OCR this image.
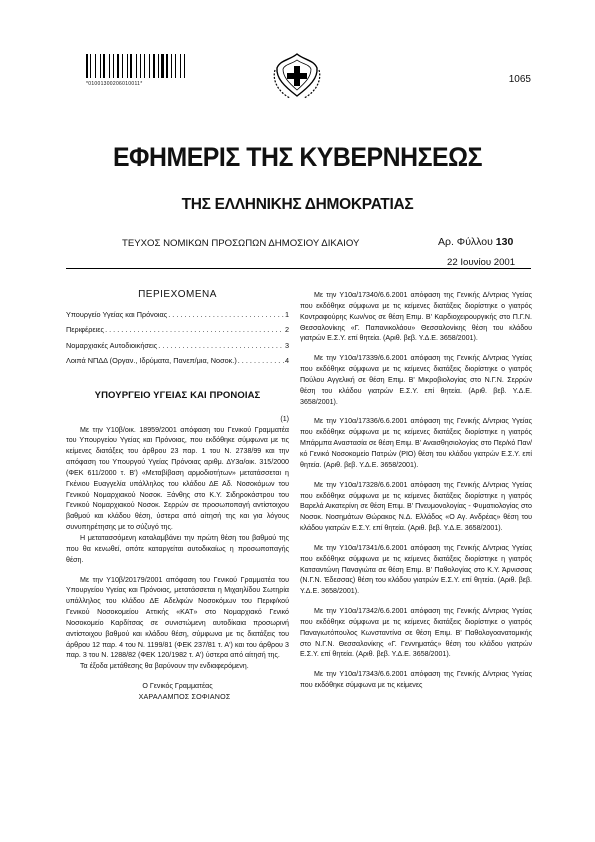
*01001300206010011*	1065
ΕΦΗΜΕΡΙΣ ΤΗΣ ΚΥΒΕΡΝΗΣΕΩΣ
ΤΗΣ ΕΛΛΗΝΙΚΗΣ ΔΗΜΟΚΡΑΤΙΑΣ
ΤΕΥΧΟΣ ΝΟΜΙΚΩΝ ΠΡΟΣΩΠΩΝ ΔΗΜΟΣΙΟΥ ΔΙΚΑΙΟΥ	Αρ. Φύλλου 130
22 Ιουνίου 2001
ΠΕΡΙΕΧΟΜΕΝΑ
Υπουργείο Υγείας και Πρόνοιας . . .	1
Περιφέρειες . . .	2
Νομαρχιακές Αυτοδιοικήσεις . . .	3
Λοιπά ΝΠΔΔ (Οργαν., Ιδρύματα, Πανεπ/μια, Νοσοκ.) . . .	4
ΥΠΟΥΡΓΕΙΟ ΥΓΕΙΑΣ ΚΑΙ ΠΡΟΝΟΙΑΣ

(1)

Με την Υ10β/οικ. 18959/2001 απόφαση του Γενικού Γραμματέα του Υπουργείου Υγείας και Πρόνοιας, που εκδόθηκε σύμφωνα με τις κείμενες διατάξεις του άρθρου 23 παρ. 1 του Ν. 2738/99 και την απόφαση του Υπουργού Υγείας Πρόνοιας αριθμ. ΔΥ3α/οικ. 315/2000 (ΦΕΚ 611/2000 τ. Β') «Μεταβίβαση αρμοδιοτήτων» μετατάσσεται η Γκένιου Ευαγγελία υπάλληλος του κλάδου ΔΕ Αδ. Νοσοκόμων του Γενικού Νομαρχιακού Νοσοκ. Ξάνθης στο Κ.Υ. Σιδηροκάστρου του Γενικού Νομαρχιακού Νοσοκ. Σερρών σε προσωποπαγή αντίστοιχου βαθμού και κλάδου θέση, ύστερα από αίτησή της και για λόγους συνυπηρέτησης με το σύζυγό της.

Η μετατασσόμενη καταλαμβάνει την πρώτη θέση του βαθμού της που θα κενωθεί, οπότε καταργείται αυτοδικαίως η προσωποπαγής θέση.

Με την Υ10β/20179/2001 απόφαση του Γενικού Γραμματέα του Υπουργείου Υγείας και Πρόνοιας, μετατάσσεται η Μιχαηλίδου Σωτηρία υπάλληλος του κλάδου ΔΕ Αδελφών Νοσοκόμων του Περιφ/κού Γενικού Νοσοκομείου Αττικής «ΚΑΤ» στο Νομαρχιακό Γενικό Νοσοκομείο Καρδίτσας σε συνιστώμενη αυτοδίκαια προσωρινή αντίστοιχου βαθμού και κλάδου θέση, σύμφωνα με τις διατάξεις του άρθρου 12 παρ. 4 του Ν. 1199/81 (ΦΕΚ 237/81 τ. Α') και του άρθρου 3 παρ. 3 του Ν. 1288/82 (ΦΕΚ 120/1982 τ. Α') ύστερα από αίτησή της.

Τα έξοδα μετάθεσης θα βαρύνουν την ενδιαφερόμενη.

Ο Γενικός Γραμματέας

ΧΑΡΑΛΑΜΠΟΣ ΣΟΦΙΑΝΟΣ

Με την Υ10α/17340/6.6.2001 απόφαση της Γενικής Δ/ντριας Υγείας που εκδόθηκε σύμφωνα με τις κείμενες διατάξεις διορίστηκε ο γιατρός Κοντραφούρης Κων/νος σε θέση Επιμ. Β' Καρδιοχειρουργικής στο Π.Γ.Ν. Θεσσαλονίκης «Γ. Παπανικολάου» Θεσσαλονίκης θέση του κλάδου γιατρών Ε.Σ.Υ. επί θητεία. (Αριθ. βεβ. Υ.Δ.Ε. 3658/2001).

Με την Υ10α/17339/6.6.2001 απόφαση της Γενικής Δ/ντριας Υγείας που εκδόθηκε σύμφωνα με τις κείμενες διατάξεις διορίστηκε ο γιατρός Πούλου Αγγελική σε θέση Επιμ. Β' Μικροβιολογίας στο Ν.Γ.Ν. Σερρών θέση του κλάδου γιατρών Ε.Σ.Υ. επί θητεία. (Αριθ. βεβ. Υ.Δ.Ε. 3658/2001).

Με την Υ10α/17336/6.6.2001 απόφαση της Γενικής Δ/ντριας Υγείας που εκδόθηκε σύμφωνα με τις κείμενες διατάξεις διορίστηκε η γιατρός Μπάρμπα Αναστασία σε θέση Επιμ. Β' Αναισθησιολογίας στο Περ/κό Παν/κό Γενικό Νοσοκομείο Πατρών (ΡΙΟ) θέση του κλάδου γιατρών Ε.Σ.Υ. επί θητεία. (Αριθ. βεβ. Υ.Δ.Ε. 3658/2001).

Με την Υ10α/17328/6.6.2001 απόφαση της Γενικής Δ/ντριας Υγείας που εκδόθηκε σύμφωνα με τις κείμενες διατάξεις διορίστηκε η γιατρός Βαρελά Αικατερίνη σε θέση Επιμ. Β' Πνευμονολογίας - Φυματιολογίας στο Νοσοκ. Νοσημάτων Θώρακος Ν.Δ. Ελλάδος «Ο Αγ. Ανδρέας» θέση του κλάδου γιατρών Ε.Σ.Υ. επί θητεία. (Αριθ. βεβ. Υ.Δ.Ε. 3658/2001).

Με την Υ10α/17341/6.6.2001 απόφαση της Γενικής Δ/ντριας Υγείας που εκδόθηκε σύμφωνα με τις κείμενες διατάξεις διορίστηκε η γιατρός Κατσαντώνη Παναγιώτα σε θέση Επιμ. Β' Παθολογίας στο Κ.Υ. Άρνισσας (Ν.Γ.Ν. Έδεσσας) θέση του κλάδου γιατρών Ε.Σ.Υ. επί θητεία. (Αριθ. βεβ. Υ.Δ.Ε. 3658/2001).

Με την Υ10α/17342/6.6.2001 απόφαση της Γενικής Δ/ντριας Υγείας που εκδόθηκε σύμφωνα με τις κείμενες διατάξεις διορίστηκε ο γιατρός Παναγιωτόπουλος Κωνσταντίνα σε θέση Επιμ. Β' Παθολογοανατομικής στο Ν.Γ.Ν. Θεσσαλονίκης «Γ. Γεννηματάς» θέση του κλάδου γιατρών Ε.Σ.Υ. επί θητεία. (Αριθ. βεβ. Υ.Δ.Ε. 3658/2001).

Με την Υ10α/17343/6.6.2001 απόφαση της Γενικής Δ/ντριας Υγείας που εκδόθηκε σύμφωνα με τις κείμενες
